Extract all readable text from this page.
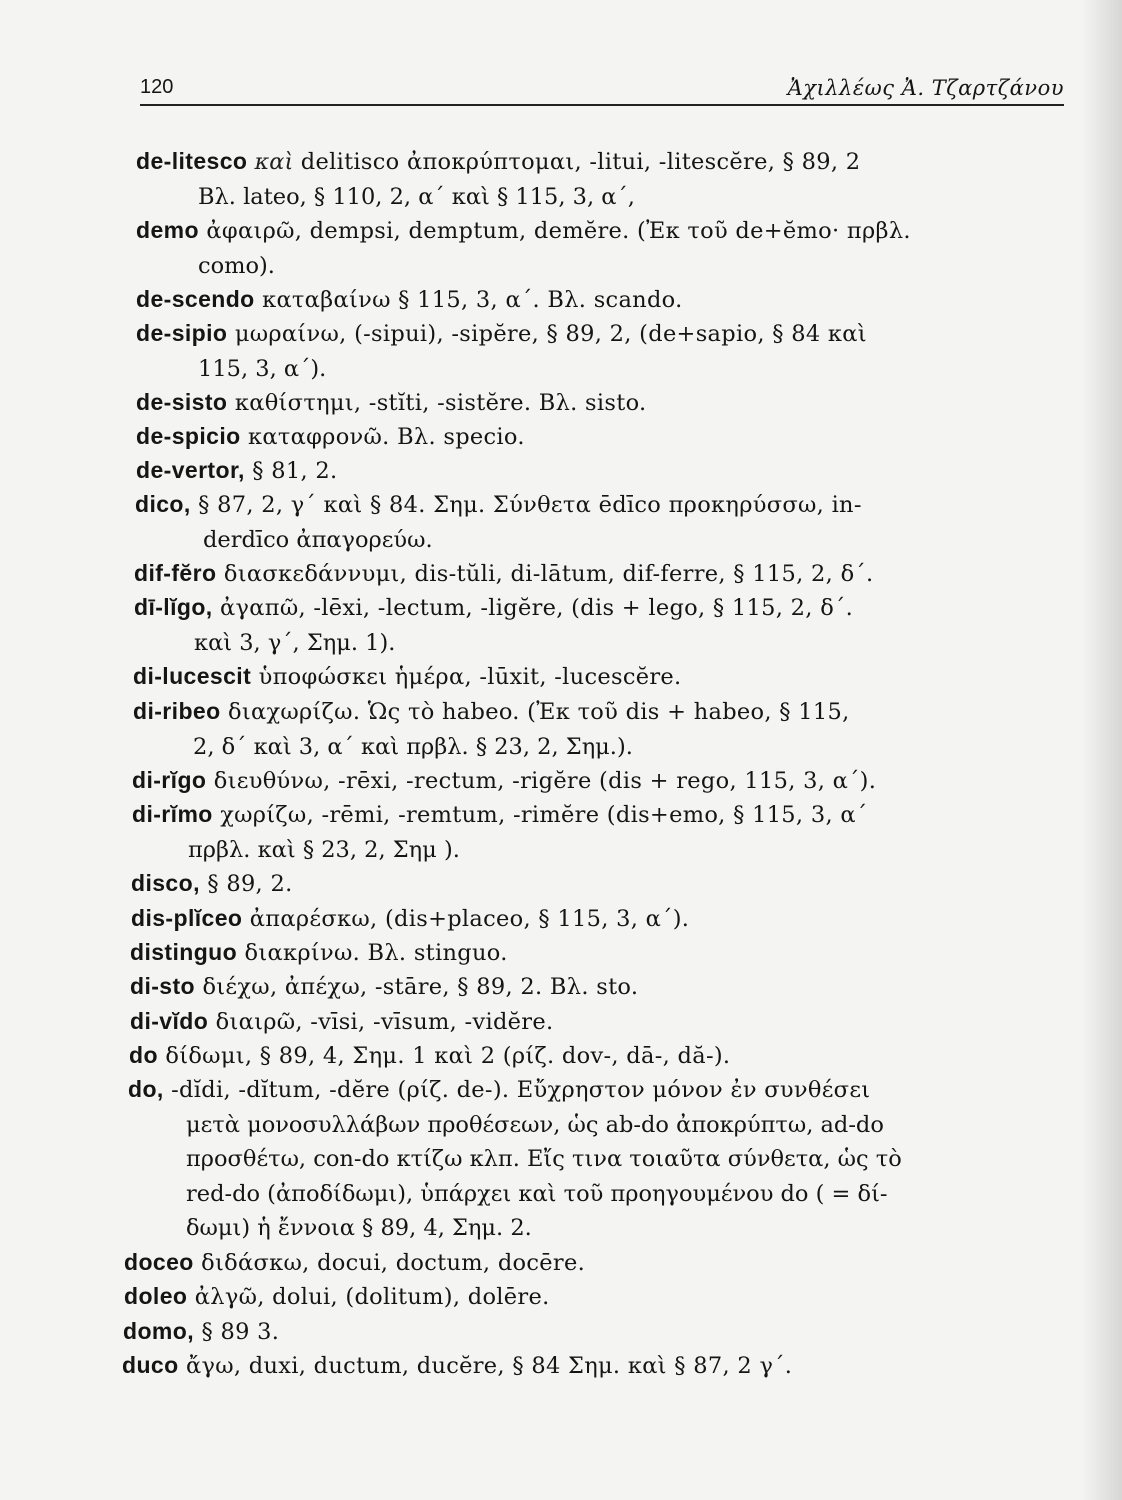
120	Ἀχιλλέως Ἀ. Τζαρτζάνου
de-litesco καὶ delitisco ἀποκρύπτομαι, -litui, -litescĕre, § 89, 2
Βλ. lateo, § 110, 2, α΄ καὶ § 115, 3, α΄,
demo ἀφαιρῶ, dempsi, demptum, demĕre. (Ἐκ τοῦ de+ĕmo· πρβλ.
como).
de-scendo καταβαίνω § 115, 3, α΄. Βλ. scando.
de-sipio μωραίνω, (-sipui), -sipĕre, § 89, 2, (de+sapio, § 84 καὶ
115, 3, α΄).
de-sisto καθίστημι, -stĭti, -sistĕre. Βλ. sisto.
de-spicio καταφρονῶ. Βλ. specio.
de-vertor, § 81, 2.
dico, § 87, 2, γ΄ καὶ § 84. Σημ. Σύνθετα ēdīco προκηρύσσω, in-
derdīco ἀπαγορεύω.
dif-fĕro διασκεδάννυμι, dis-tŭli, di-lātum, dif-ferre, § 115, 2, δ΄.
dī-lĭgo, ἀγαπῶ, -lēxi, -lectum, -ligĕre, (dis + lego, § 115, 2, δ΄.
καὶ 3, γ΄, Σημ. 1).
di-lucescit ὑποφώσκει ἡμέρα, -lūxit, -lucescĕre.
di-ribeo διαχωρίζω. Ὡς τὸ habeo. (Ἐκ τοῦ dis + habeo, § 115,
2, δ΄ καὶ 3, α΄ καὶ πρβλ. § 23, 2, Σημ.).
di-rĭgo διευθύνω, -rēxi, -rectum, -rigĕre (dis + rego, 115, 3, α΄).
di-rĭmo χωρίζω, -rēmi, -remtum, -rimĕre (dis+emo, § 115, 3, α΄
πρβλ. καὶ § 23, 2, Σημ ).
disco, § 89, 2.
dis-plĭceo ἀπαρέσκω, (dis+placeo, § 115, 3, α΄).
distinguo διακρίνω. Βλ. stinguo.
di-sto διέχω, ἀπέχω, -stāre, § 89, 2. Βλ. sto.
di-vĭdo διαιρῶ, -vīsi, -vīsum, -vidĕre.
do δίδωμι, § 89, 4, Σημ. 1 καὶ 2 (ρίζ. dov-, dā-, dă-).
do, -dĭdi, -dĭtum, -dĕre (ρίζ. de-). Εὔχρηστον μόνον ἐν συνθέσει
μετὰ μονοσυλλάβων προθέσεων, ὡς ab-do ἀποκρύπτω, ad-do
προσθέτω, con-do κτίζω κλπ. Εἴς τινα τοιαῦτα σύνθετα, ὡς τὸ
red-do (ἀποδίδωμι), ὑπάρχει καὶ τοῦ προηγουμένου do ( = δί-
δωμι) ἡ ἔννοια § 89, 4, Σημ. 2.
doceo διδάσκω, docui, doctum, docēre.
doleo ἀλγῶ, dolui, (dolitum), dolēre.
domo, § 89 3.
duco ἄγω, duxi, ductum, ducĕre, § 84 Σημ. καὶ § 87, 2 γ΄.
